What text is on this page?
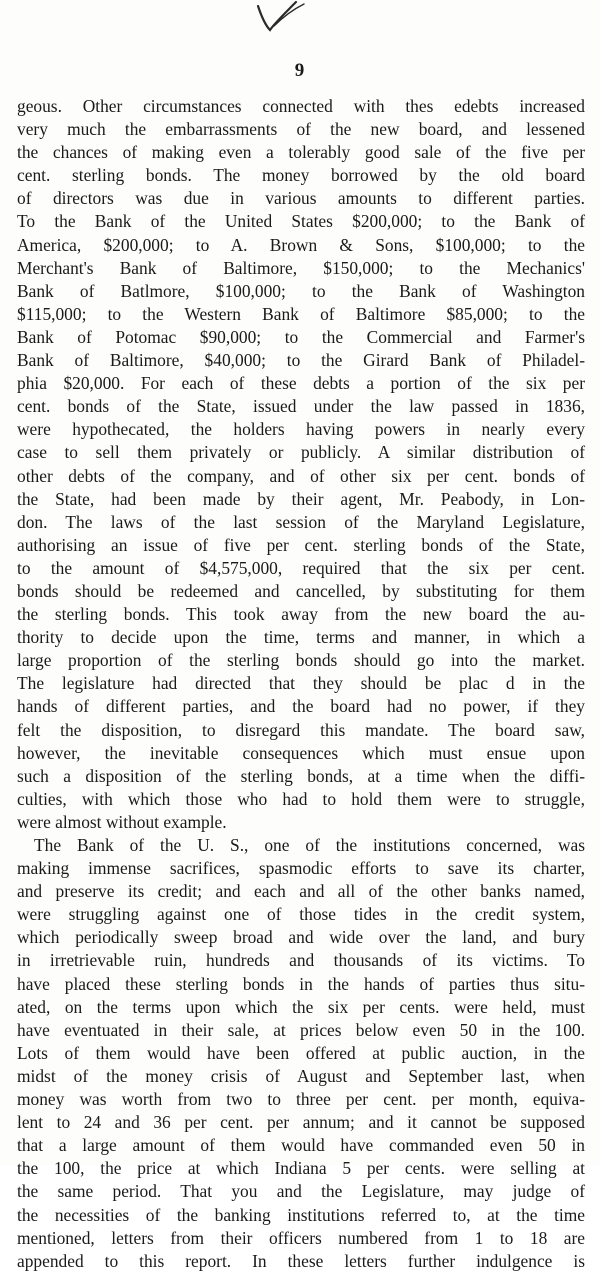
9
geous. Other circumstances connected with thes edebts increased
very much the embarrassments of the new board, and lessened
the chances of making even a tolerably good sale of the five per
cent. sterling bonds. The money borrowed by the old board
of directors was due in various amounts to different parties.
To the Bank of the United States $200,000; to the Bank of
America, $200,000; to A. Brown & Sons, $100,000; to the
Merchant's Bank of Baltimore, $150,000; to the Mechanics'
Bank of Batlmore, $100,000; to the Bank of Washington
$115,000; to the Western Bank of Baltimore $85,000; to the
Bank of Potomac $90,000; to the Commercial and Farmer's
Bank of Baltimore, $40,000; to the Girard Bank of Philadel-
phia $20,000. For each of these debts a portion of the six per
cent. bonds of the State, issued under the law passed in 1836,
were hypothecated, the holders having powers in nearly every
case to sell them privately or publicly. A similar distribution of
other debts of the company, and of other six per cent. bonds of
the State, had been made by their agent, Mr. Peabody, in Lon-
don. The laws of the last session of the Maryland Legislature,
authorising an issue of five per cent. sterling bonds of the State,
to the amount of $4,575,000, required that the six per cent.
bonds should be redeemed and cancelled, by substituting for them
the sterling bonds. This took away from the new board the au-
thority to decide upon the time, terms and manner, in which a
large proportion of the sterling bonds should go into the market.
The legislature had directed that they should be plac d in the
hands of different parties, and the board had no power, if they
felt the disposition, to disregard this mandate. The board saw,
however, the inevitable consequences which must ensue upon
such a disposition of the sterling bonds, at a time when the diffi-
culties, with which those who had to hold them were to struggle,
were almost without example.
The Bank of the U. S., one of the institutions concerned, was
making immense sacrifices, spasmodic efforts to save its charter,
and preserve its credit; and each and all of the other banks named,
were struggling against one of those tides in the credit system,
which periodically sweep broad and wide over the land, and bury
in irretrievable ruin, hundreds and thousands of its victims. To
have placed these sterling bonds in the hands of parties thus situ-
ated, on the terms upon which the six per cents. were held, must
have eventuated in their sale, at prices below even 50 in the 100.
Lots of them would have been offered at public auction, in the
midst of the money crisis of August and September last, when
money was worth from two to three per cent. per month, equiva-
lent to 24 and 36 per cent. per annum; and it cannot be supposed
that a large amount of them would have commanded even 50 in
the 100, the price at which Indiana 5 per cents. were selling at
the same period. That you and the Legislature, may judge of
the necessities of the banking institutions referred to, at the time
mentioned, letters from their officers numbered from 1 to 18 are
appended to this report. In these letters further indulgence is
